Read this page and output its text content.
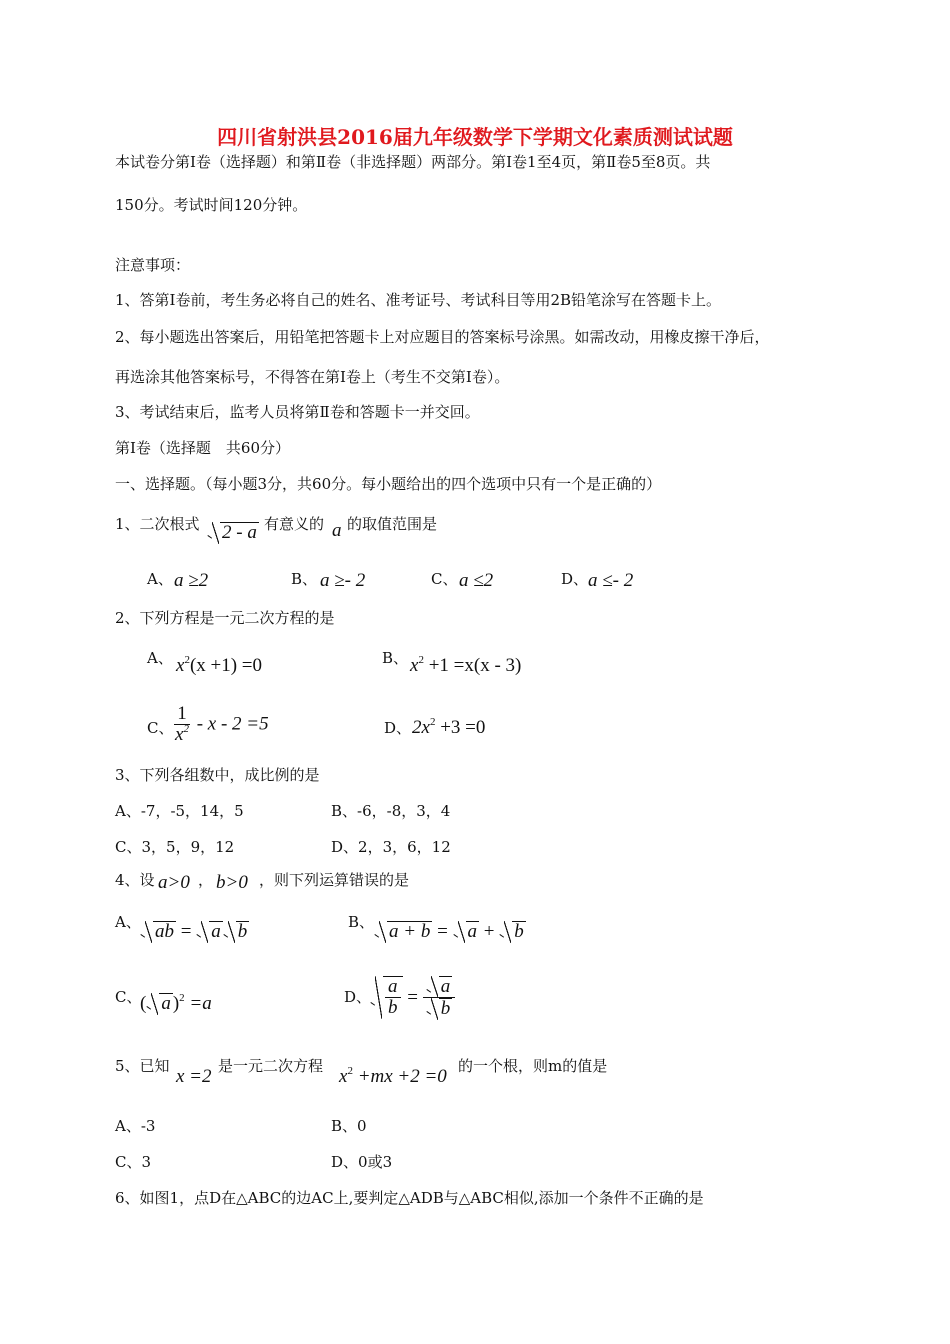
四川省射洪县2016届九年级数学下学期文化素质测试试题
本试卷分第Ⅰ卷（选择题）和第Ⅱ卷（非选择题）两部分。第Ⅰ卷1至4页，第Ⅱ卷5至8页。共
150分。考试时间120分钟。
注意事项：
1、答第Ⅰ卷前，考生务必将自己的姓名、准考证号、考试科目等用2B铅笔涂写在答题卡上。
2、每小题选出答案后，用铅笔把答题卡上对应题目的答案标号涂黑。如需改动，用橡皮擦干净后，
再选涂其他答案标号，不得答在第Ⅰ卷上（考生不交第Ⅰ卷）。
3、考试结束后，监考人员将第Ⅱ卷和答题卡一并交回。
第Ⅰ卷（选择题　共60分）
一、选择题。（每小题3分，共60分。每小题给出的四个选项中只有一个是正确的）
1、二次根式	2 - a 有意义的 a 的取值范围是
A、 a ≥2	B、 a ≥- 2	C、 a ≤2	D、 a ≤- 2
2、下列方程是一元二次方程的是
A、 $x^2(x +1) =0$	B、 $x^2 +1 =x(x - 3)$
C、
$\frac{1}{x^2} - x - 2 =5$	D、 $2x^2 +3 =0$
3、下列各组数中，成比例的是
A、-7，-5，14，5	B、-6，-8，3，4
C、3，5，9，12	D、2，3，6，12
4、设 a>0 ， b>0 ，则下列运算错误的是
A、 ab = a b	B、 a + b = a + b
C、
( a )$^2$ =a	D、 $\frac{a}{b} = \frac{a}{b}$
5、已知 x =2 是一元二次方程 $x^2 +mx +2 =0$ 的一个根，则m的值是
A、-3	B、0
C、3	D、0或3
6、如图1，点D在△ABC的边AC上,要判定△ADB与△ABC相似,添加一个条件不正确的是
